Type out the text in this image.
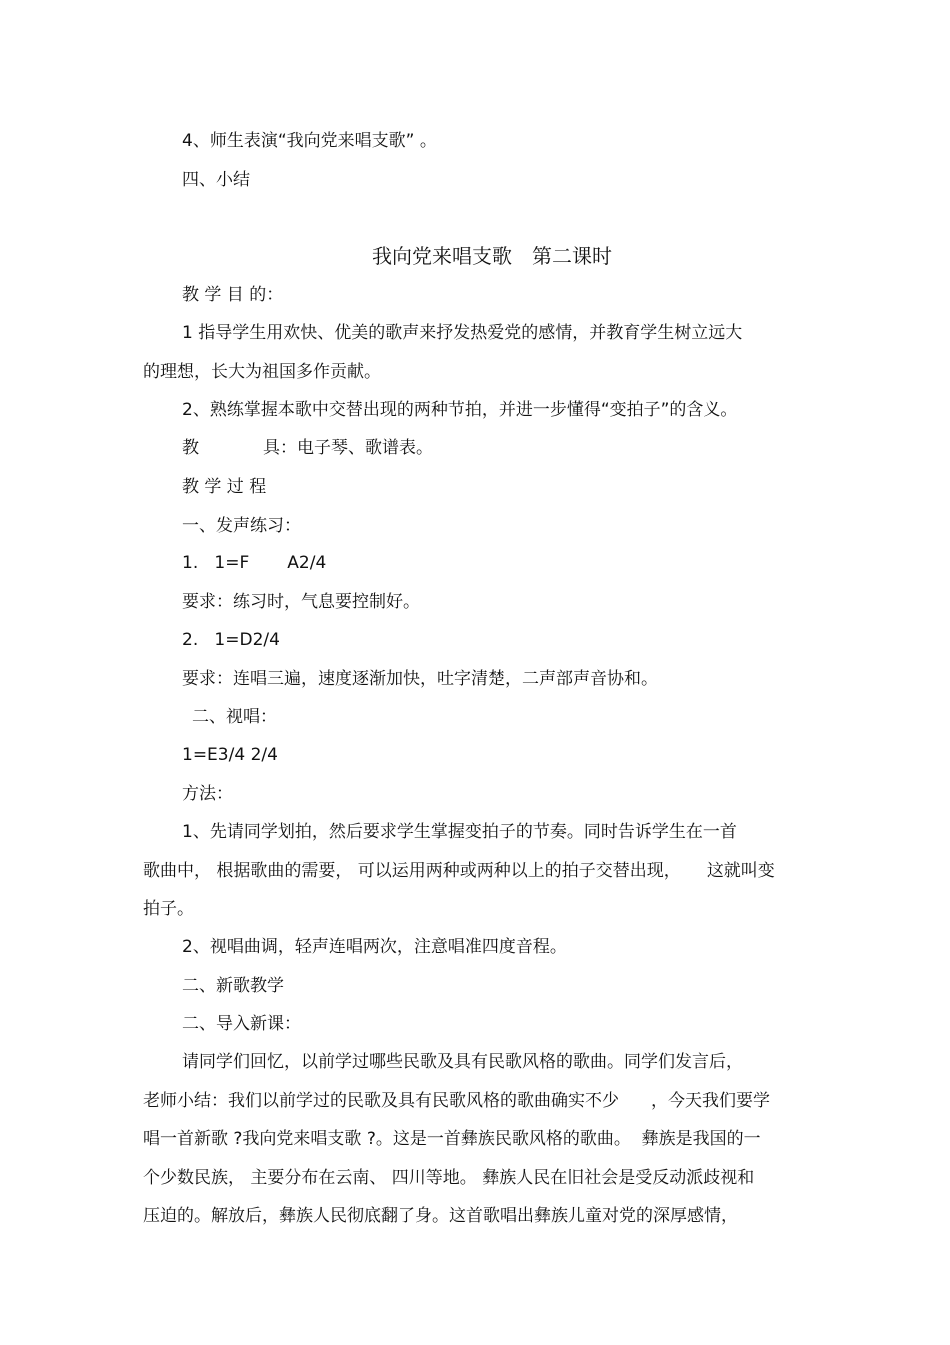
4、师生表演“我向党来唱支歌” 。
四、小结
我向党来唱支歌　第二课时
教 学 目 的：
1 指导学生用欢快、优美的歌声来抒发热爱党的感情，并教育学生树立远大
的理想，长大为祖国多作贡献。
2、熟练掌握本歌中交替出现的两种节拍，并进一步懂得“变拍子”的含义。
教	具：电子琴、歌谱表。
教 学 过 程
一、发声练习：
1.   1=F A2/4
要求：练习时，气息要控制好。
2.   1=D2/4
要求：连唱三遍，速度逐渐加快，吐字清楚，二声部声音协和。
二、视唱：
1=E3/4 2/4
方法：
1、先请同学划拍，然后要求学生掌握变拍子的节奏。同时告诉学生在一首
歌曲中， 根据歌曲的需要， 可以运用两种或两种以上的拍子交替出现， 这就叫变
拍子。
2、视唱曲调，轻声连唱两次，注意唱准四度音程。
二、新歌教学
二、导入新课：
请同学们回忆，以前学过哪些民歌及具有民歌风格的歌曲。同学们发言后，
老师小结：我们以前学过的民歌及具有民歌风格的歌曲确实不少 ，今天我们要学
唱一首新歌 ?我向党来唱支歌 ?。这是一首彝族民歌风格的歌曲。  彝族是我国的一
个少数民族， 主要分布在云南、 四川等地。 彝族人民在旧社会是受反动派歧视和
压迫的。解放后，彝族人民彻底翻了身。这首歌唱出彝族儿童对党的深厚感情，
